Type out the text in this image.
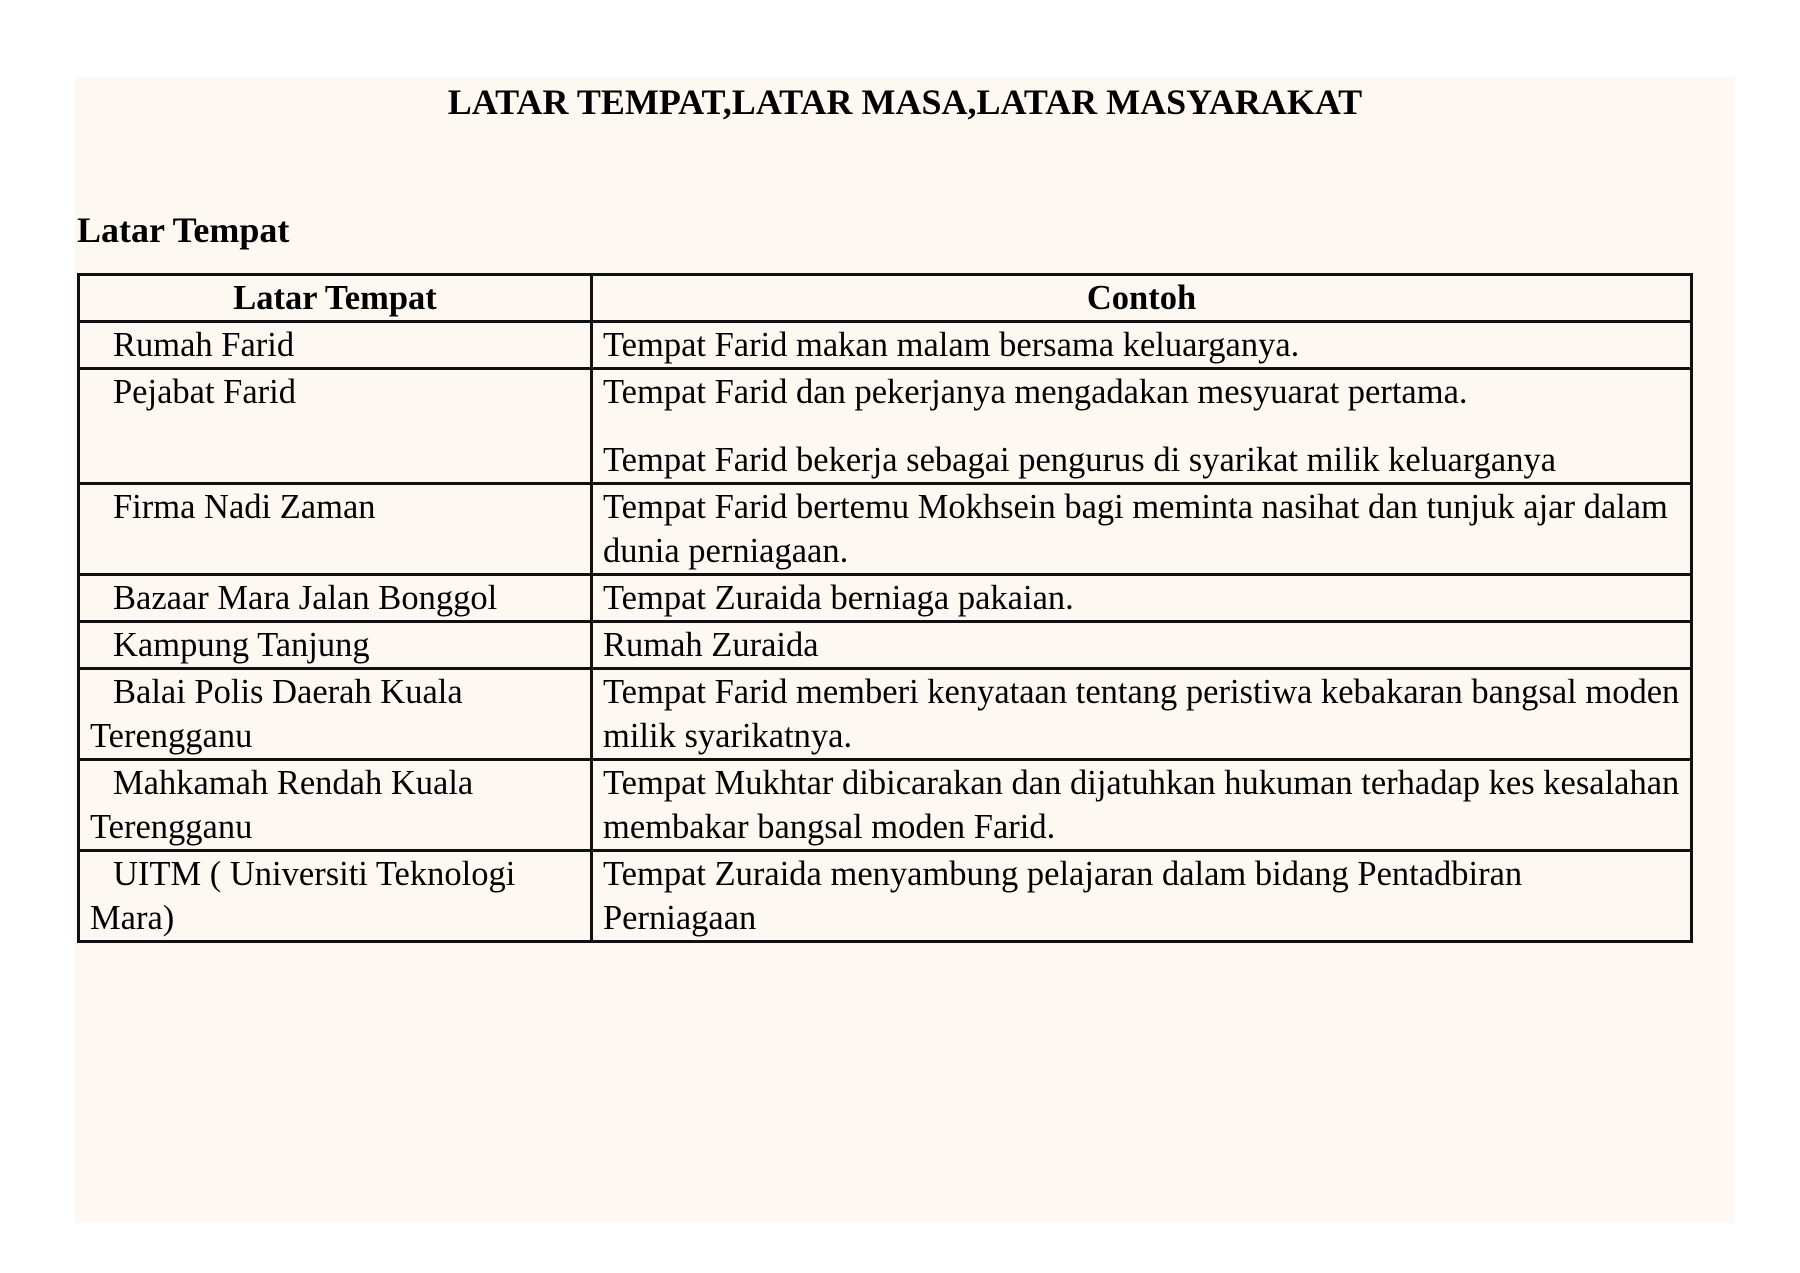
LATAR TEMPAT,LATAR MASA,LATAR MASYARAKAT
Latar Tempat
Latar Tempat	Contoh
Rumah Farid	Tempat Farid makan malam bersama keluarganya.

Pejabat Farid	Tempat Farid dan pekerjanya mengadakan mesyuarat pertama.
Tempat Farid bekerja sebagai pengurus di syarikat milik keluarganya

Firma Nadi Zaman	Tempat Farid bertemu Mokhsein bagi meminta nasihat dan tunjuk ajar dalam dunia perniagaan.

Bazaar Mara Jalan Bonggol	Tempat Zuraida berniaga pakaian.

Kampung Tanjung	Rumah Zuraida

Balai Polis Daerah Kuala Terengganu	Tempat Farid memberi kenyataan tentang peristiwa kebakaran bangsal moden milik syarikatnya.

Mahkamah Rendah Kuala Terengganu	Tempat Mukhtar dibicarakan dan dijatuhkan hukuman terhadap kes kesalahan membakar bangsal moden Farid.

UITM ( Universiti Teknologi Mara)	Tempat Zuraida menyambung pelajaran dalam bidang Pentadbiran Perniagaan
